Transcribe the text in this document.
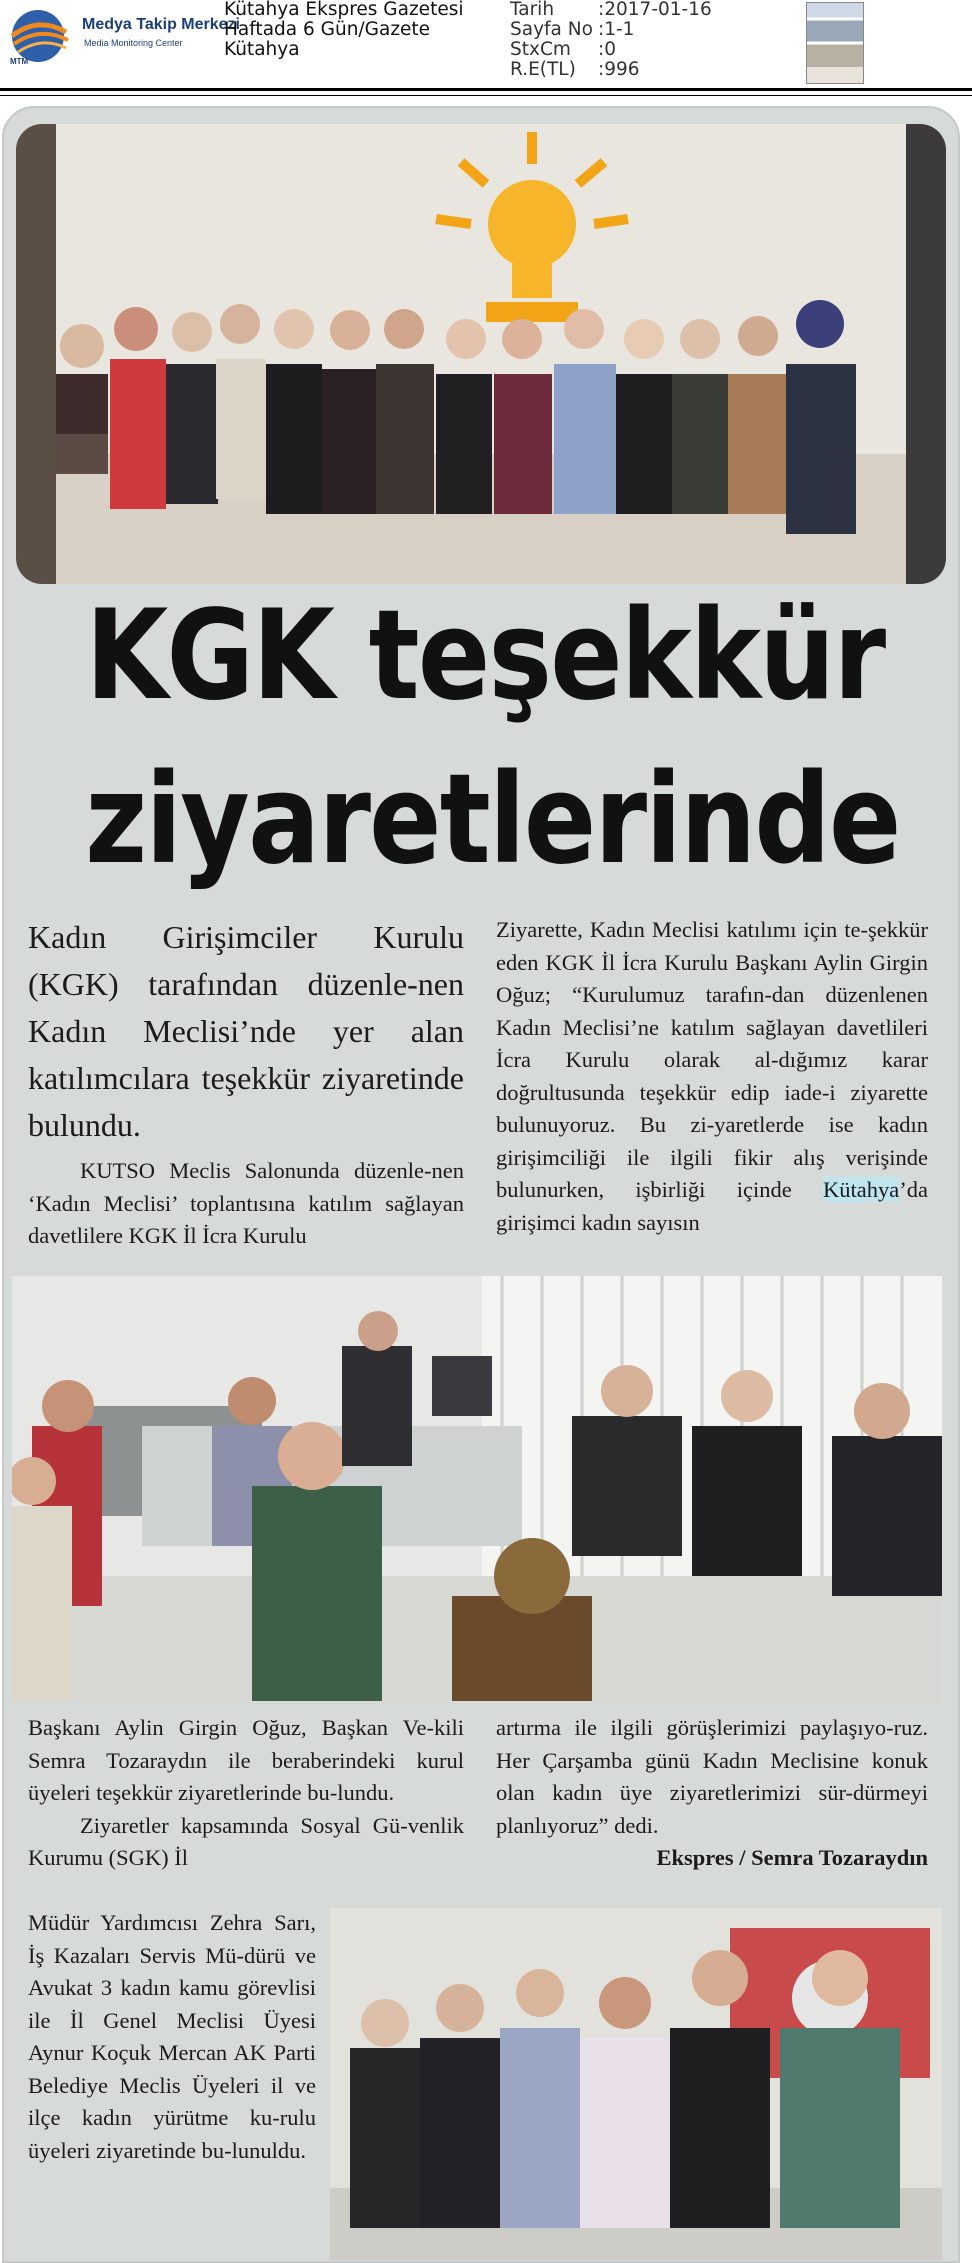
MTM
Medya Takip Merkezi
Media Monitoring Center
Kütahya Ekspres Gazetesi
Haftada 6 Gün/Gazete
Kütahya
Tarih	:2017-01-16
Sayfa No :1-1
StxCm	:0
R.E(TL)	:996
KGK teşekkür
ziyaretlerinde

Kadın Girişimciler Kurulu (KGK) tarafından düzenle-nen Kadın Meclisi’nde yer alan katılımcılara teşekkür ziyaretinde bulundu.

KUTSO Meclis Salonunda düzenle-nen ‘Kadın Meclisi’ toplantısına katılım sağlayan davetlilere KGK İl İcra Kurulu

Ziyarette, Kadın Meclisi katılımı için te-şekkür eden KGK İl İcra Kurulu Başkanı Aylin Girgin Oğuz; “Kurulumuz tarafın-dan düzenlenen Kadın Meclisi’ne katılım sağlayan davetlileri İcra Kurulu olarak al-dığımız karar doğrultusunda teşekkür edip iade-i ziyarette bulunuyoruz. Bu zi-yaretlerde ise kadın girişimciliği ile ilgili fikir alış verişinde bulunurken, işbirliği içinde Kütahya’da girişimci kadın sayısın

Başkanı Aylin Girgin Oğuz, Başkan Ve-kili Semra Tozaraydın ile beraberindeki kurul üyeleri teşekkür ziyaretlerinde bu-lundu.

Ziyaretler kapsamında Sosyal Gü-venlik Kurumu (SGK) İl

artırma ile ilgili görüşlerimizi paylaşıyo-ruz. Her Çarşamba günü Kadın Meclisine konuk olan kadın üye ziyaretlerimizi sür-dürmeyi planlıyoruz” dedi.

Ekspres / Semra Tozaraydın

Müdür Yardımcısı Zehra Sarı, İş Kazaları Servis Mü-dürü ve Avukat 3 kadın kamu görevlisi ile İl Genel Meclisi Üyesi Aynur Koçuk Mercan AK Parti Belediye Meclis Üyeleri il ve ilçe kadın yürütme ku-rulu üyeleri ziyaretinde bu-lunuldu.
